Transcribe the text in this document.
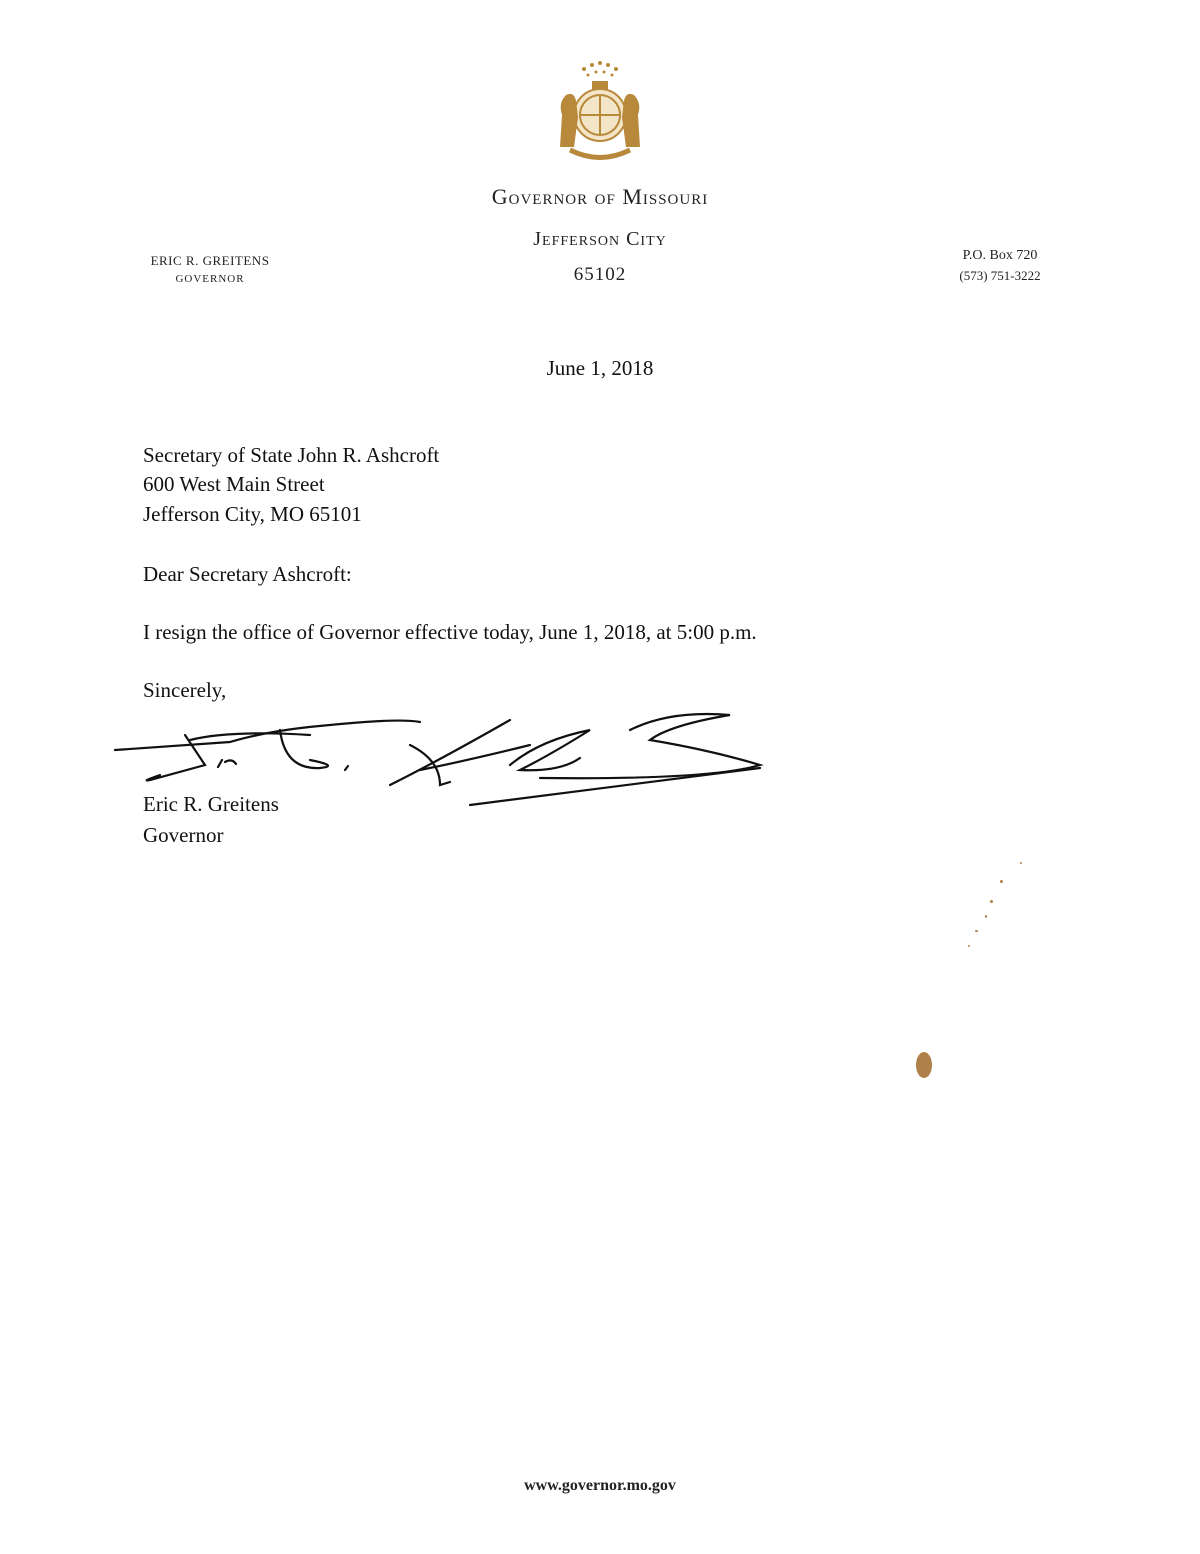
Governor of Missouri
Jefferson City
65102
ERIC R. GREITENS
GOVERNOR
P.O. Box 720
(573) 751-3222
June 1, 2018
Secretary of State John R. Ashcroft
600 West Main Street
Jefferson City, MO 65101
Dear Secretary Ashcroft:
I resign the office of Governor effective today, June 1, 2018, at 5:00 p.m.
Sincerely,
Eric R. Greitens
Governor
www.governor.mo.gov
